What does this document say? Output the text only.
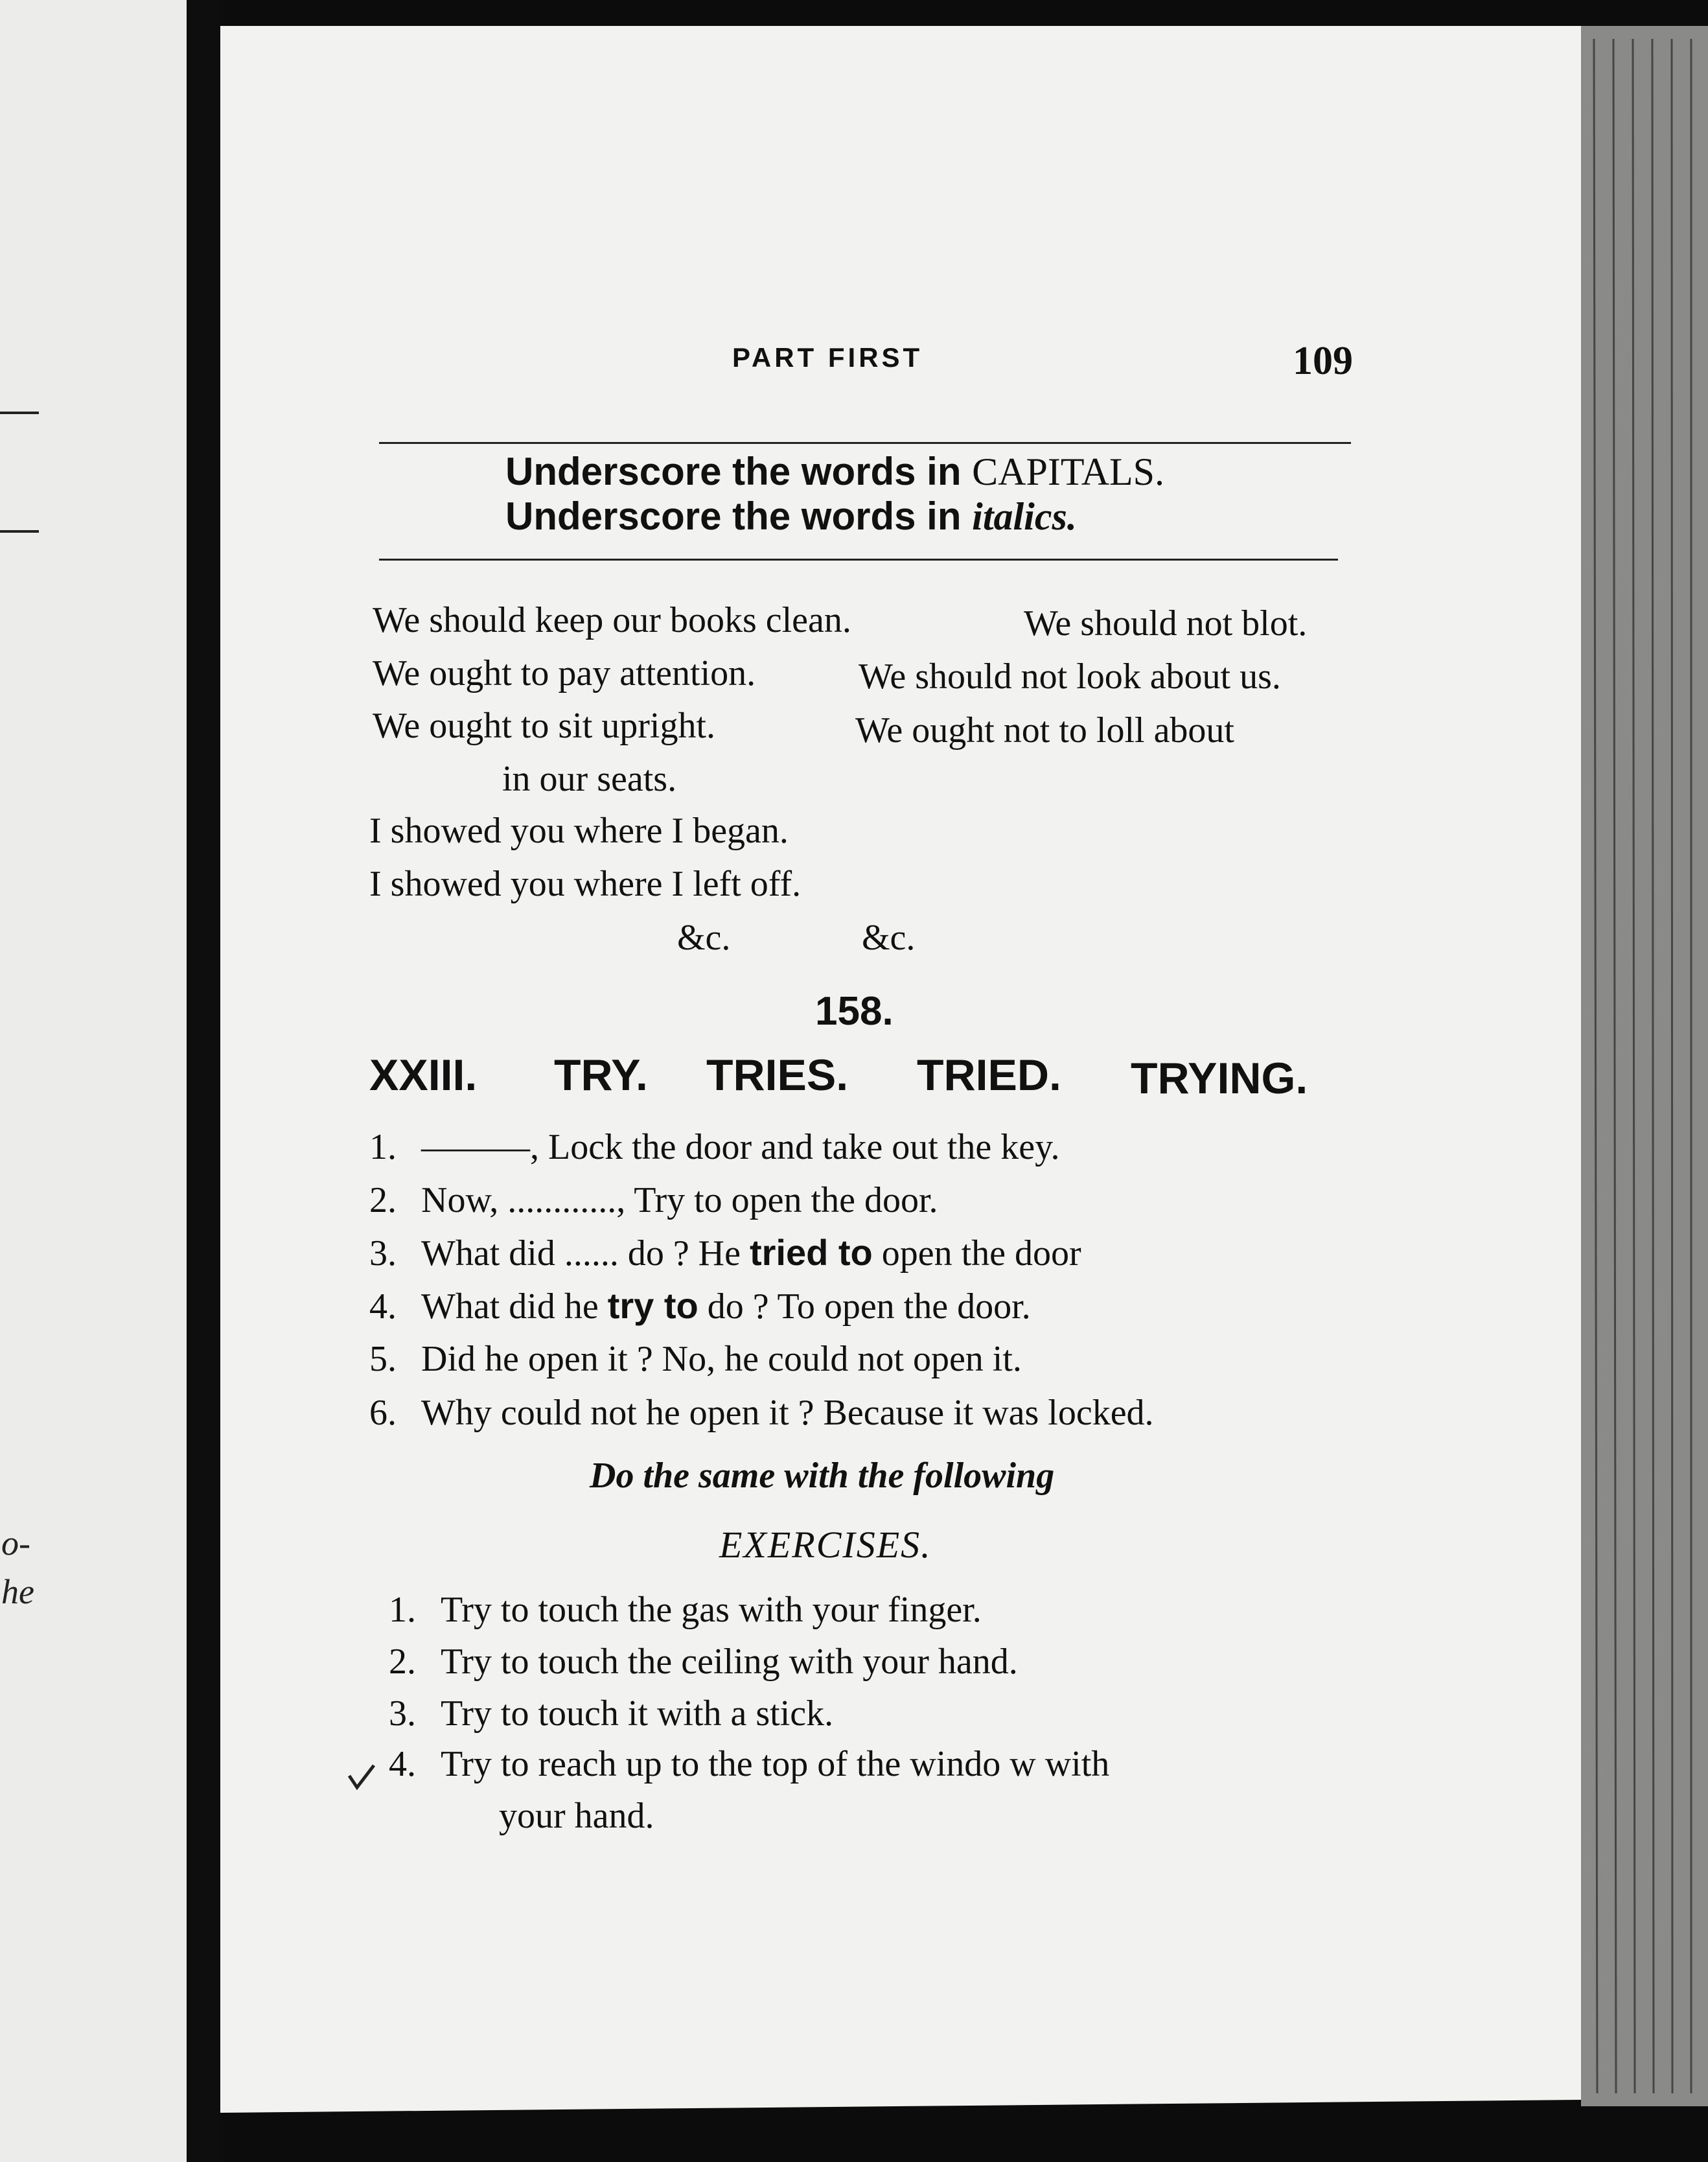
o-
he
PART FIRST	109
Underscore the words in CAPITALS.
Underscore the words in italics.
We should keep our books clean.	We should not blot.
We ought to pay attention.	We should not look about us.
We ought to sit upright.	We ought not to loll about
in our seats.
I showed you where I began.
I showed you where I left off.
&c.	&c.
158.
XXIII. TRY. TRIES. TRIED. TRYING.
1. ———, Lock the door and take out the key.
2. Now, ............, Try to open the door.
3. What did ...... do ? He tried to open the door
4. What did he try to do ? To open the door.
5. Did he open it ? No, he could not open it.
6. Why could not he open it ? Because it was locked.
Do the same with the following
EXERCISES.
1. Try to touch the gas with your finger.
2. Try to touch the ceiling with your hand.
3. Try to touch it with a stick.
4. Try to reach up to the top of the windo w with
your hand.
